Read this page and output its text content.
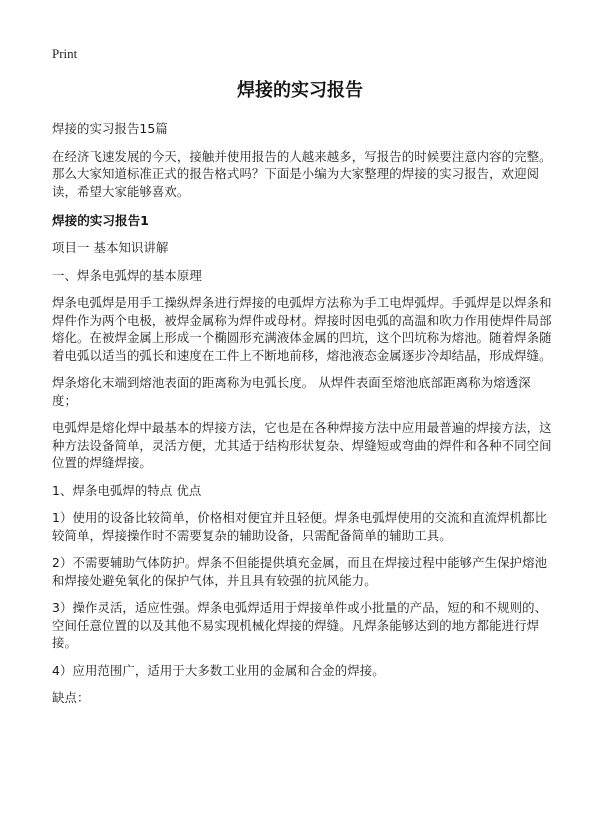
Print
焊接的实习报告

焊接的实习报告15篇

在经济飞速发展的今天，接触并使用报告的人越来越多，写报告的时候要注意内容的完整。那么大家知道标准正式的报告格式吗？下面是小编为大家整理的焊接的实习报告，欢迎阅读，希望大家能够喜欢。

焊接的实习报告1

项目一 基本知识讲解

一、焊条电弧焊的基本原理

焊条电弧焊是用手工操纵焊条进行焊接的电弧焊方法称为手工电焊弧焊。手弧焊是以焊条和焊件作为两个电极，被焊金属称为焊件或母材。焊接时因电弧的高温和吹力作用使焊件局部熔化。在被焊金属上形成一个椭圆形充满液体金属的凹坑，这个凹坑称为熔池。随着焊条随着电弧以适当的弧长和速度在工件上不断地前移，熔池液态金属逐步冷却结晶，形成焊缝。

焊条熔化末端到熔池表面的距离称为电弧长度。 从焊件表面至熔池底部距离称为熔透深度；

电弧焊是熔化焊中最基本的焊接方法，它也是在各种焊接方法中应用最普遍的焊接方法，这种方法设备简单，灵活方便，尤其适于结构形状复杂、焊缝短或弯曲的焊件和各种不同空间位置的焊缝焊接。

1、焊条电弧焊的特点 优点

1）使用的设备比较简单，价格相对便宜并且轻便。焊条电弧焊使用的交流和直流焊机都比较简单，焊接操作时不需要复杂的辅助设备，只需配备简单的辅助工具。

2）不需要辅助气体防护。焊条不但能提供填充金属，而且在焊接过程中能够产生保护熔池和焊接处避免氧化的保护气体，并且具有较强的抗风能力。

3）操作灵活，适应性强。焊条电弧焊适用于焊接单件或小批量的产品，短的和不规则的、空间任意位置的以及其他不易实现机械化焊接的焊缝。凡焊条能够达到的地方都能进行焊接。

4）应用范围广，适用于大多数工业用的金属和合金的焊接。

缺点：
